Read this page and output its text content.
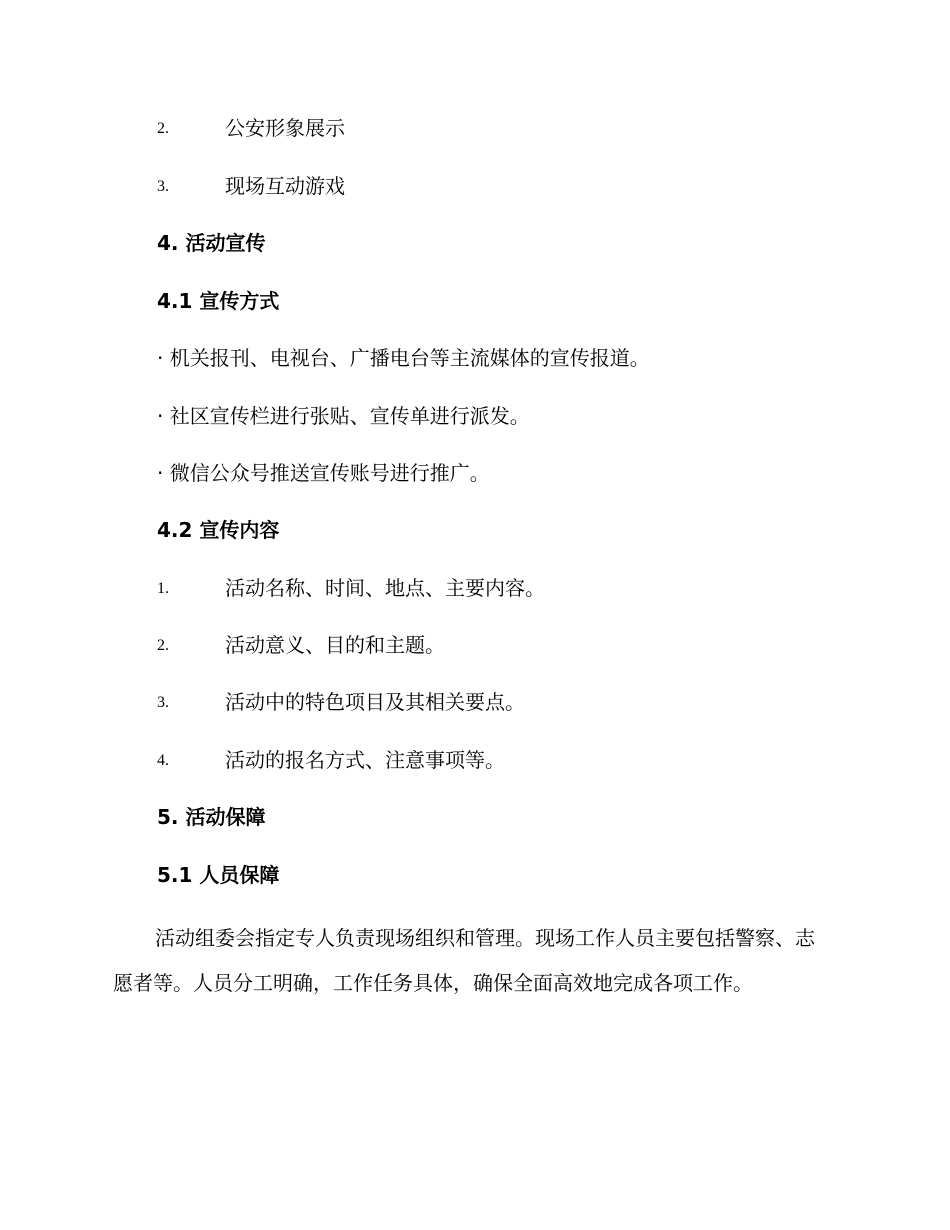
2.	公安形象展示
3.	现场互动游戏
4. 活动宣传
4.1 宣传方式
· 机关报刊、电视台、广播电台等主流媒体的宣传报道。
· 社区宣传栏进行张贴、宣传单进行派发。
· 微信公众号推送宣传账号进行推广。
4.2 宣传内容
1.	活动名称、时间、地点、主要内容。
2.	活动意义、目的和主题。
3.	活动中的特色项目及其相关要点。
4.	活动的报名方式、注意事项等。
5. 活动保障
5.1 人员保障

活动组委会指定专人负责现场组织和管理。现场工作人员主要包括警察、志愿者等。人员分工明确，工作任务具体，确保全面高效地完成各项工作。
